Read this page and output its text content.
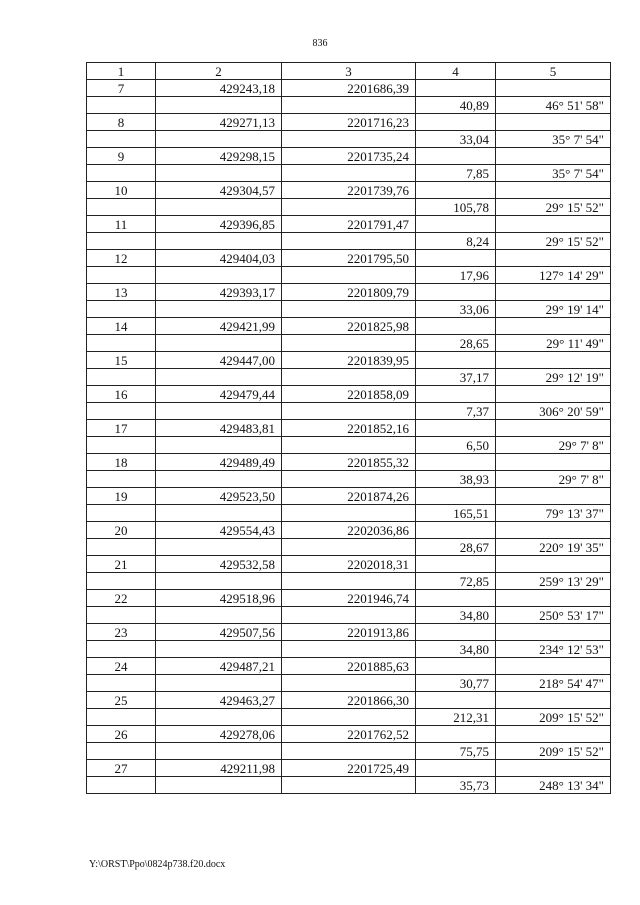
836
1	2	3	4	5
7	429243,18	2201686,39		
			40,89	46° 51' 58"
8	429271,13	2201716,23		
			33,04	35° 7' 54"
9	429298,15	2201735,24		
			7,85	35° 7' 54"
10	429304,57	2201739,76		
			105,78	29° 15' 52"
11	429396,85	2201791,47		
			8,24	29° 15' 52"
12	429404,03	2201795,50		
			17,96	127° 14' 29"
13	429393,17	2201809,79		
			33,06	29° 19' 14"
14	429421,99	2201825,98		
			28,65	29° 11' 49"
15	429447,00	2201839,95		
			37,17	29° 12' 19"
16	429479,44	2201858,09		
			7,37	306° 20' 59"
17	429483,81	2201852,16		
			6,50	29° 7' 8"
18	429489,49	2201855,32		
			38,93	29° 7' 8"
19	429523,50	2201874,26		
			165,51	79° 13' 37"
20	429554,43	2202036,86		
			28,67	220° 19' 35"
21	429532,58	2202018,31		
			72,85	259° 13' 29"
22	429518,96	2201946,74		
			34,80	250° 53' 17"
23	429507,56	2201913,86		
			34,80	234° 12' 53"
24	429487,21	2201885,63		
			30,77	218° 54' 47"
25	429463,27	2201866,30		
			212,31	209° 15' 52"
26	429278,06	2201762,52		
			75,75	209° 15' 52"
27	429211,98	2201725,49		
			35,73	248° 13' 34"
Y:\ORST\Ppo\0824p738.f20.docx
